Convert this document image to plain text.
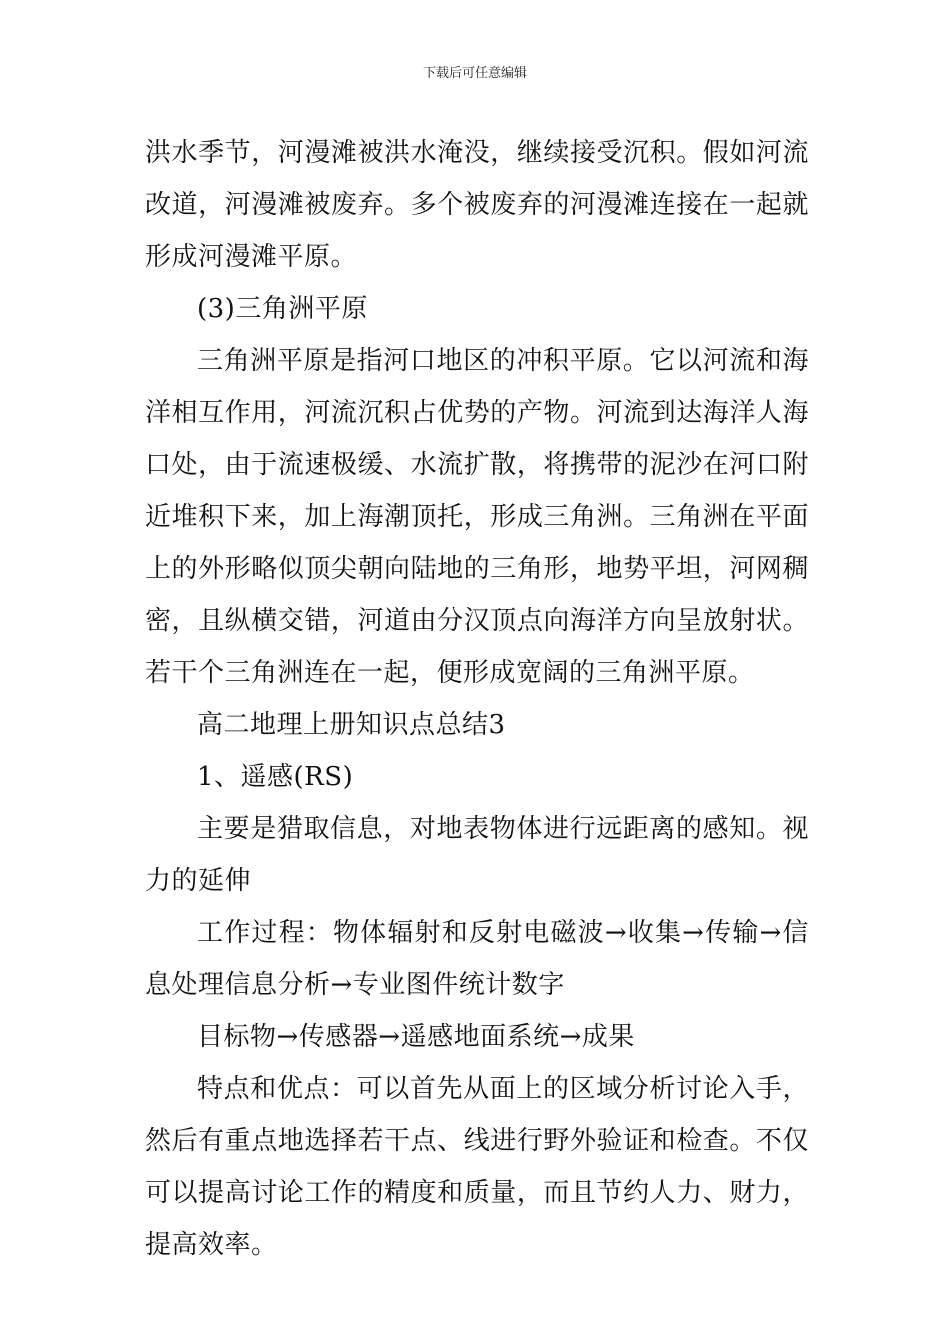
下载后可任意编辑

洪水季节，河漫滩被洪水淹没，继续接受沉积。假如河流改道，河漫滩被废弃。多个被废弃的河漫滩连接在一起就形成河漫滩平原。

(3)三角洲平原

三角洲平原是指河口地区的冲积平原。它以河流和海洋相互作用，河流沉积占优势的产物。河流到达海洋人海口处，由于流速极缓、水流扩散，将携带的泥沙在河口附近堆积下来，加上海潮顶托，形成三角洲。三角洲在平面上的外形略似顶尖朝向陆地的三角形，地势平坦，河网稠密，且纵横交错，河道由分汉顶点向海洋方向呈放射状。若干个三角洲连在一起，便形成宽阔的三角洲平原。

高二地理上册知识点总结3

1、遥感(RS)

主要是猎取信息，对地表物体进行远距离的感知。视力的延伸

工作过程：物体辐射和反射电磁波→收集→传输→信息处理信息分析→专业图件统计数字

目标物→传感器→遥感地面系统→成果

特点和优点：可以首先从面上的区域分析讨论入手，然后有重点地选择若干点、线进行野外验证和检查。不仅可以提高讨论工作的精度和质量，而且节约人力、财力，提高效率。
